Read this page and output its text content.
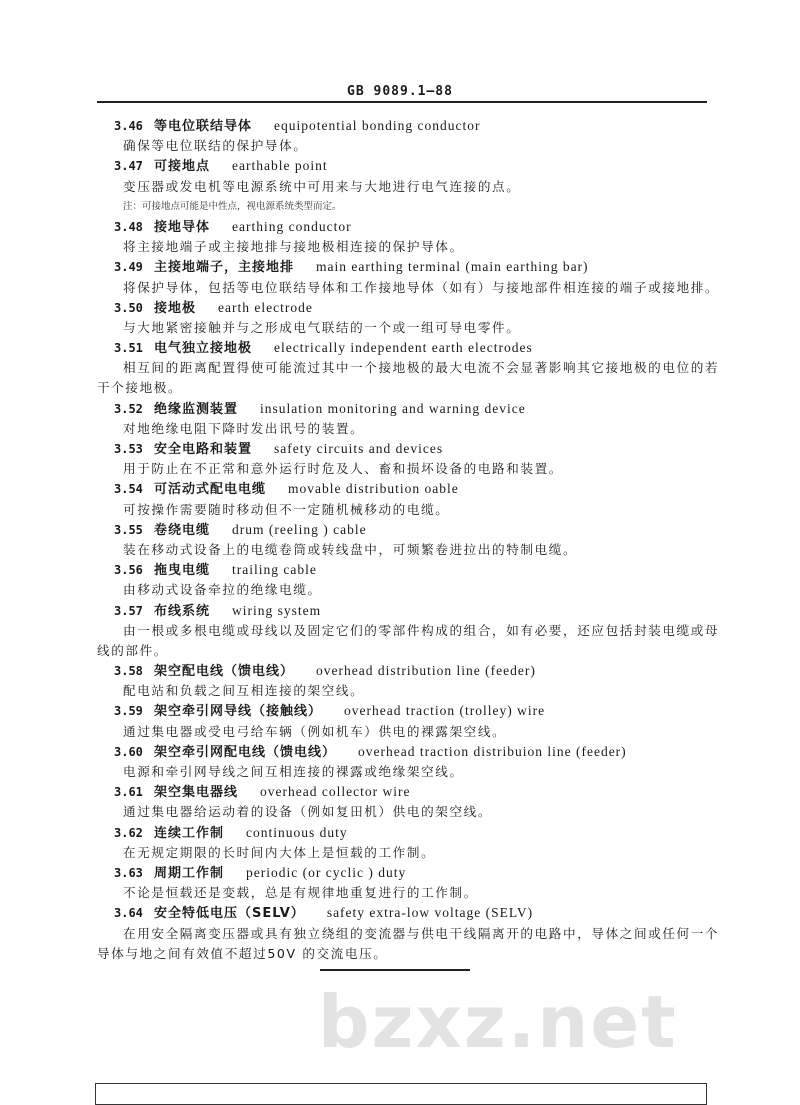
GB 9089.1—88
3.46 等电位联结导体 equipotential bonding conductor
确保等电位联结的保护导体。
3.47 可接地点 earthable point
变压器或发电机等电源系统中可用来与大地进行电气连接的点。
注：可接地点可能是中性点，视电源系统类型而定。
3.48 接地导体 earthing conductor
将主接地端子或主接地排与接地极相连接的保护导体。
3.49 主接地端子，主接地排 main earthing terminal (main earthing bar)
将保护导体，包括等电位联结导体和工作接地导体（如有）与接地部件相连接的端子或接地排。
3.50 接地极 earth electrode
与大地紧密接触并与之形成电气联结的一个或一组可导电零件。
3.51 电气独立接地极 electrically independent earth electrodes
相互间的距离配置得使可能流过其中一个接地极的最大电流不会显著影响其它接地极的电位的若
干个接地极。
3.52 绝缘监测装置 insulation monitoring and warning device
对地绝缘电阻下降时发出讯号的装置。
3.53 安全电路和装置 safety circuits and devices
用于防止在不正常和意外运行时危及人、畜和损坏设备的电路和装置。
3.54 可活动式配电电缆 movable distribution oable
可按操作需要随时移动但不一定随机械移动的电缆。
3.55 卷绕电缆 drum (reeling ) cable
装在移动式设备上的电缆卷筒或转线盘中，可频繁卷进拉出的特制电缆。
3.56 拖曳电缆 trailing cable
由移动式设备牵拉的绝缘电缆。
3.57 布线系统 wiring system
由一根或多根电缆或母线以及固定它们的零部件构成的组合，如有必要，还应包括封装电缆或母
线的部件。
3.58 架空配电线（馈电线） overhead distribution line (feeder)
配电站和负载之间互相连接的架空线。
3.59 架空牵引网导线（接触线） overhead traction (trolley) wire
通过集电器或受电弓给车辆（例如机车）供电的裸露架空线。
3.60 架空牵引网配电线（馈电线） overhead traction distribuion line (feeder)
电源和牵引网导线之间互相连接的裸露或绝缘架空线。
3.61 架空集电器线 overhead collector wire
通过集电器给运动着的设备（例如复田机）供电的架空线。
3.62 连续工作制 continuous duty
在无规定期限的长时间内大体上是恒载的工作制。
3.63 周期工作制 periodic (or cyclic ) duty
不论是恒载还是变载，总是有规律地重复进行的工作制。
3.64 安全特低电压（SELV） safety extra-low voltage (SELV)
在用安全隔离变压器或具有独立绕组的变流器与供电干线隔离开的电路中，导体之间或任何一个
导体与地之间有效值不超过50V 的交流电压。
bzxz.net
